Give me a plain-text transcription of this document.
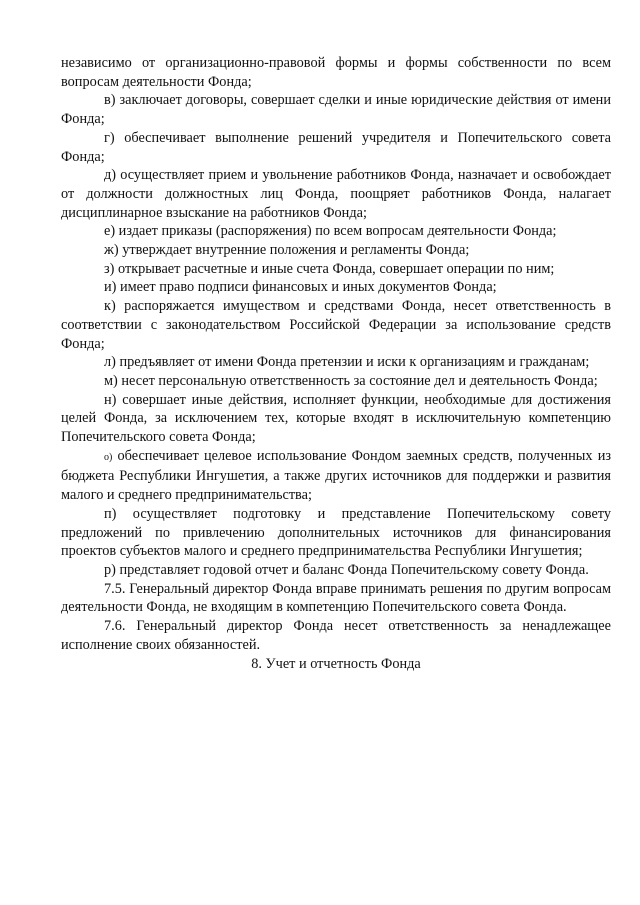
независимо от организационно-правовой формы и формы собственности по всем вопросам деятельности Фонда;

в) заключает договоры, совершает сделки и иные юридические действия от имени Фонда;

г) обеспечивает выполнение решений учредителя и Попечительского совета Фонда;

д) осуществляет прием и увольнение работников Фонда, назначает и освобождает от должности должностных лиц Фонда, поощряет работников Фонда, налагает дисциплинарное взыскание на работников Фонда;

е) издает приказы (распоряжения) по всем вопросам деятельности Фонда;

ж) утверждает внутренние положения и регламенты Фонда;

з) открывает расчетные и иные счета Фонда, совершает операции по ним;

и) имеет право подписи финансовых и иных документов Фонда;

к) распоряжается имуществом и средствами Фонда, несет ответственность в соответствии с законодательством Российской Федерации за использование средств Фонда;

л) предъявляет от имени Фонда претензии и иски к организациям и гражданам;

м) несет персональную ответственность за состояние дел и деятельность Фонда;

н) совершает иные действия, исполняет функции, необходимые для достижения целей Фонда, за исключением тех, которые входят в исключительную компетенцию Попечительского совета Фонда;

о) обеспечивает целевое использование Фондом заемных средств, полученных из бюджета Республики Ингушетия, а также других источников для поддержки и развития малого и среднего предпринимательства;

п) осуществляет подготовку и представление Попечительскому совету предложений по привлечению дополнительных источников для финансирования проектов субъектов малого и среднего предпринимательства Республики Ингушетия;

р) представляет годовой отчет и баланс Фонда Попечительскому совету Фонда.

7.5. Генеральный директор Фонда вправе принимать решения по другим вопросам деятельности Фонда, не входящим в компетенцию Попечительского совета Фонда.

7.6. Генеральный директор Фонда несет ответственность за ненадлежащее исполнение своих обязанностей.

8. Учет и отчетность Фонда
